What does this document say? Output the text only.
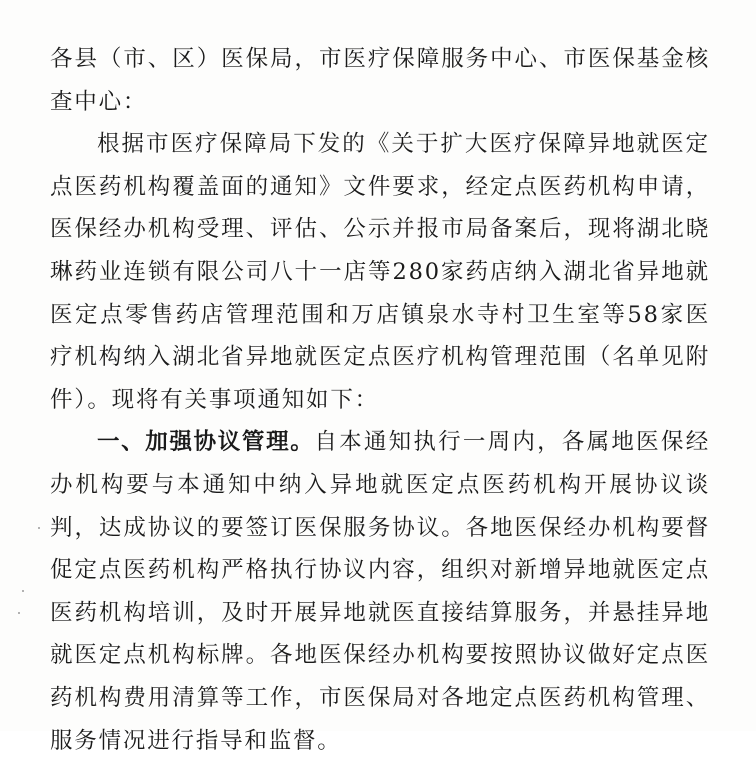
各县（市、区）医保局，市医疗保障服务中心、市医保基金核查中心：

根据市医疗保障局下发的《关于扩大医疗保障异地就医定点医药机构覆盖面的通知》文件要求，经定点医药机构申请，医保经办机构受理、评估、公示并报市局备案后，现将湖北晓琳药业连锁有限公司八十一店等280家药店纳入湖北省异地就医定点零售药店管理范围和万店镇泉水寺村卫生室等58家医疗机构纳入湖北省异地就医定点医疗机构管理范围（名单见附件）。现将有关事项通知如下：

一、加强协议管理。自本通知执行一周内，各属地医保经办机构要与本通知中纳入异地就医定点医药机构开展协议谈判，达成协议的要签订医保服务协议。各地医保经办机构要督促定点医药机构严格执行协议内容，组织对新增异地就医定点医药机构培训，及时开展异地就医直接结算服务，并悬挂异地就医定点机构标牌。各地医保经办机构要按照协议做好定点医药机构费用清算等工作，市医保局对各地定点医药机构管理、服务情况进行指导和监督。
